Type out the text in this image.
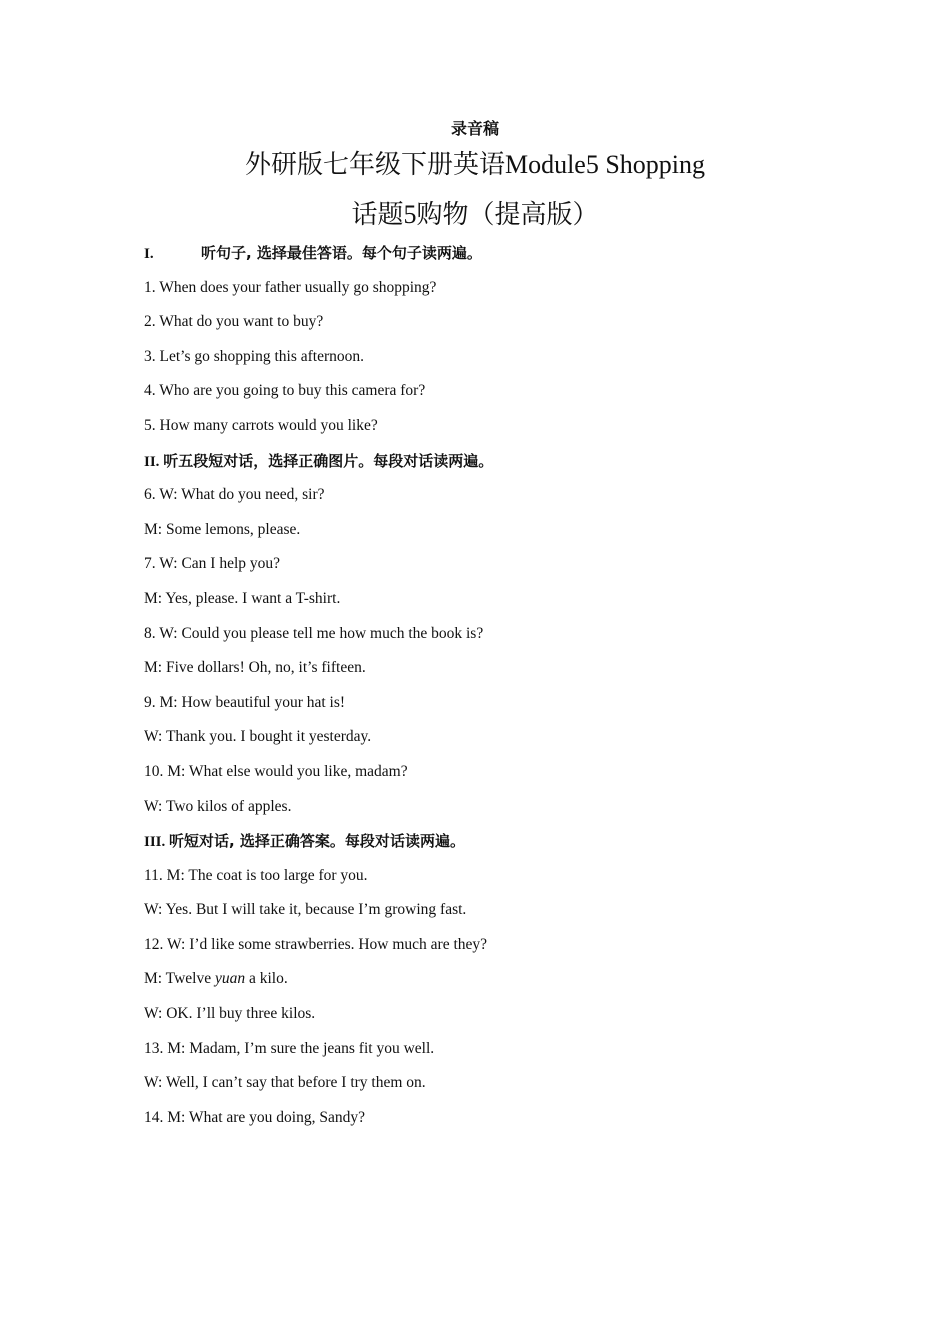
录音稿
外研版七年级下册英语Module5 Shopping
话题5购物（提高版）
I.	听句子, 选择最佳答语。每个句子读两遍。
1. When does your father usually go shopping?
2. What do you want to buy?
3. Let’s go shopping this afternoon.
4. Who are you going to buy this camera for?
5. How many carrots would you like?
II. 听五段短对话，选择正确图片。每段对话读两遍。
6. W: What do you need, sir?
M: Some lemons, please.
7. W: Can I help you?
M: Yes, please. I want a T-shirt.
8. W: Could you please tell me how much the book is?
M: Five dollars! Oh, no, it’s fifteen.
9. M: How beautiful your hat is!
W: Thank you. I bought it yesterday.
10. M: What else would you like, madam?
W: Two kilos of apples.
III. 听短对话, 选择正确答案。每段对话读两遍。
11. M: The coat is too large for you.
W: Yes. But I will take it, because I’m growing fast.
12. W: I’d like some strawberries. How much are they?
M: Twelve yuan a kilo.
W: OK. I’ll buy three kilos.
13. M: Madam, I’m sure the jeans fit you well.
W: Well, I can’t say that before I try them on.
14. M: What are you doing, Sandy?
